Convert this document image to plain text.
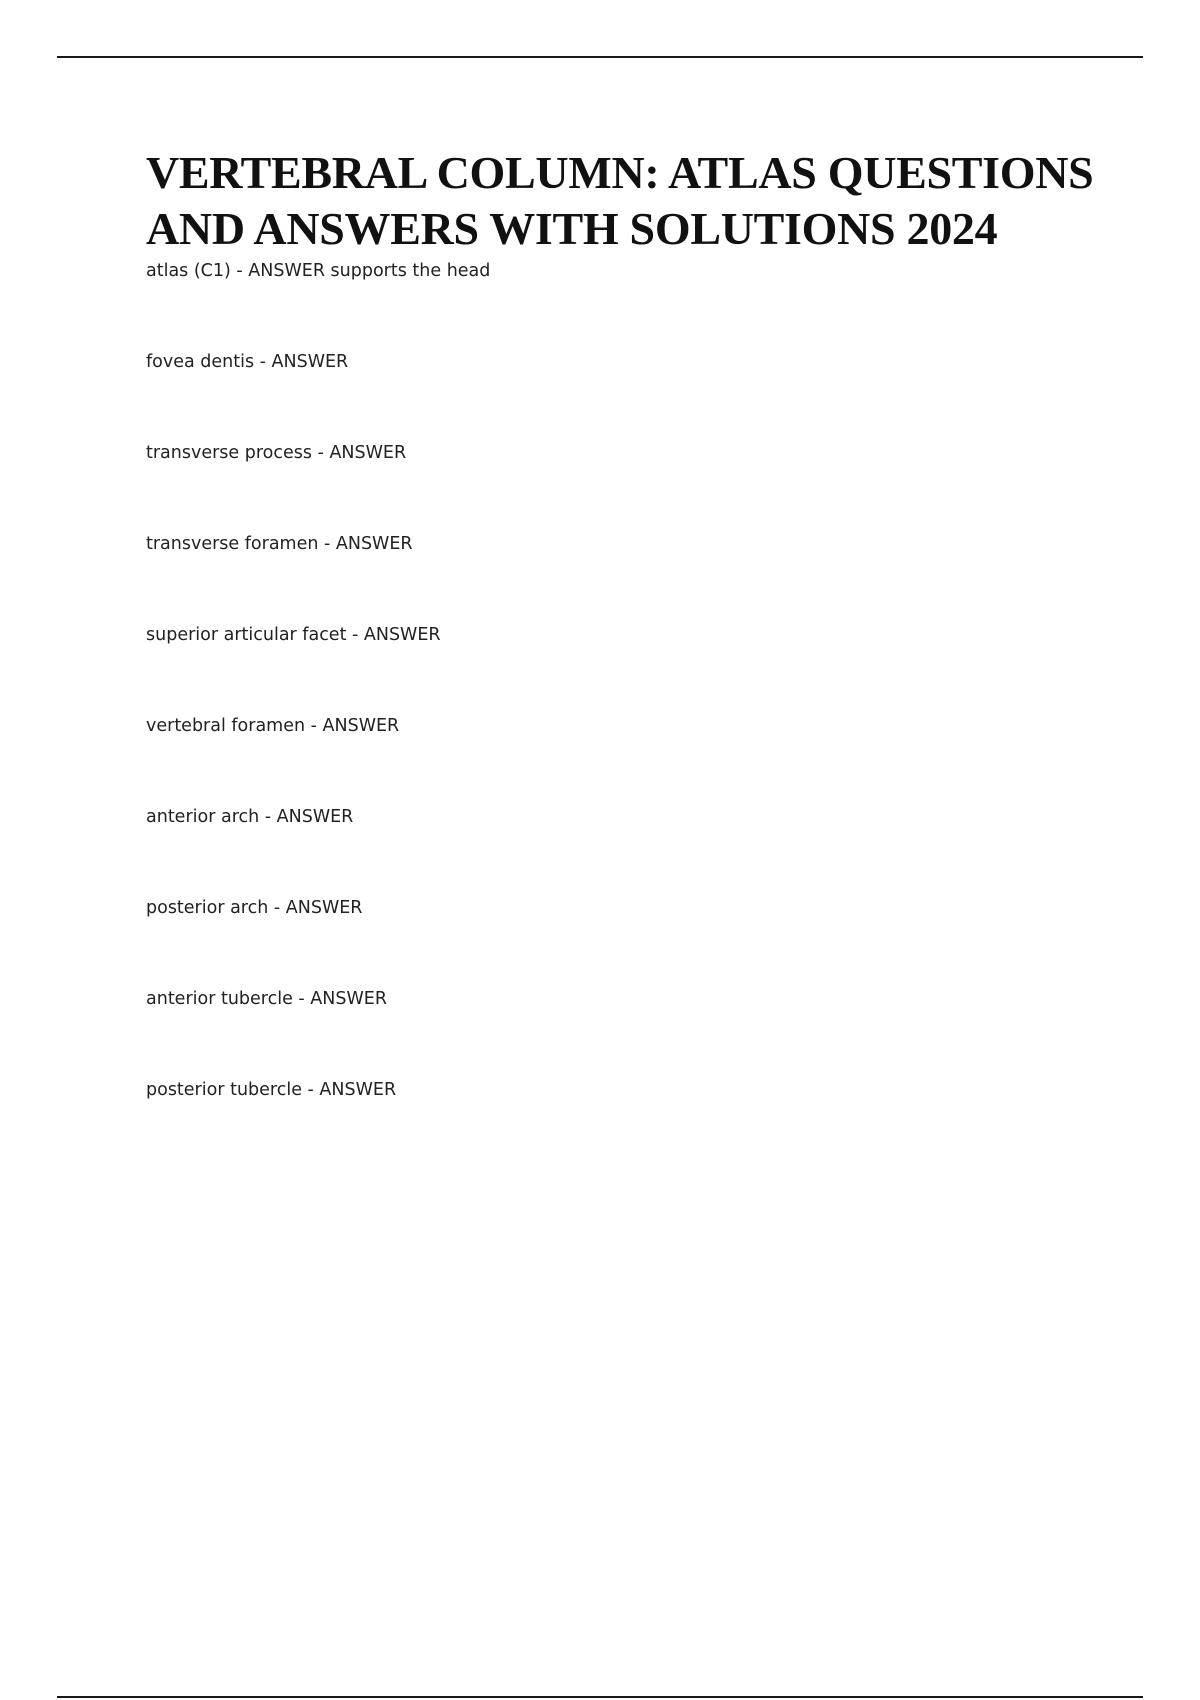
VERTEBRAL COLUMN: ATLAS QUESTIONS AND ANSWERS WITH SOLUTIONS 2024
atlas (C1) - ANSWER supports the head
fovea dentis - ANSWER
transverse process - ANSWER
transverse foramen - ANSWER
superior articular facet - ANSWER
vertebral foramen - ANSWER
anterior arch - ANSWER
posterior arch - ANSWER
anterior tubercle - ANSWER
posterior tubercle - ANSWER
